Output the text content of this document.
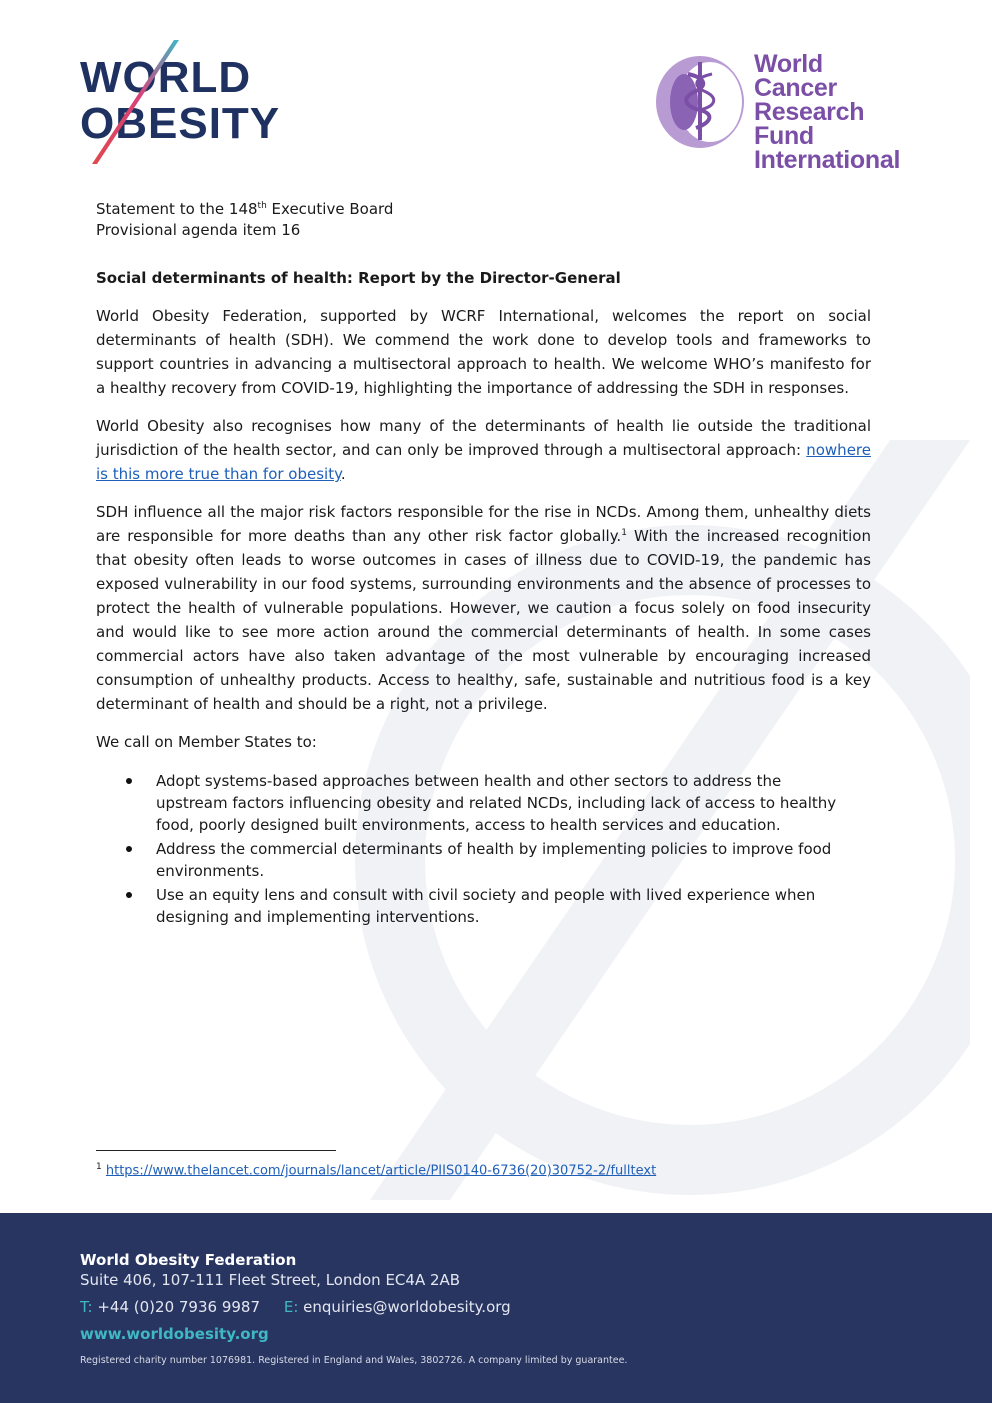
WORLD
OBESITY
World
Cancer
Research
Fund International
Statement to the 148th Executive Board
Provisional agenda item 16
Social determinants of health: Report by the Director-General

World Obesity Federation, supported by WCRF International, welcomes the report on social determinants of health (SDH). We commend the work done to develop tools and frameworks to support countries in advancing a multisectoral approach to health. We welcome WHO’s manifesto for a healthy recovery from COVID-19, highlighting the importance of addressing the SDH in responses.

World Obesity also recognises how many of the determinants of health lie outside the traditional jurisdiction of the health sector, and can only be improved through a multisectoral approach: nowhere is this more true than for obesity.

SDH influence all the major risk factors responsible for the rise in NCDs. Among them, unhealthy diets are responsible for more deaths than any other risk factor globally.$^1$ With the increased recognition that obesity often leads to worse outcomes in cases of illness due to COVID-19, the pandemic has exposed vulnerability in our food systems, surrounding environments and the absence of processes to protect the health of vulnerable populations. However, we caution a focus solely on food insecurity and would like to see more action around the commercial determinants of health. In some cases commercial actors have also taken advantage of the most vulnerable by encouraging increased consumption of unhealthy products. Access to healthy, safe, sustainable and nutritious food is a key determinant of health and should be a right, not a privilege.

We call on Member States to:

Adopt systems-based approaches between health and other sectors to address the upstream factors influencing obesity and related NCDs, including lack of access to healthy food, poorly designed built environments, access to health services and education.
Address the commercial determinants of health by implementing policies to improve food environments.
Use an equity lens and consult with civil society and people with lived experience when designing and implementing interventions.
$^1$ https://www.thelancet.com/journals/lancet/article/PIIS0140-6736(20)30752-2/fulltext
World Obesity Federation
Suite 406, 107-111 Fleet Street, London EC4A 2AB
T: +44 (0)20 7936 9987 E: enquiries@worldobesity.org
www.worldobesity.org
Registered charity number 1076981. Registered in England and Wales, 3802726. A company limited by guarantee.
